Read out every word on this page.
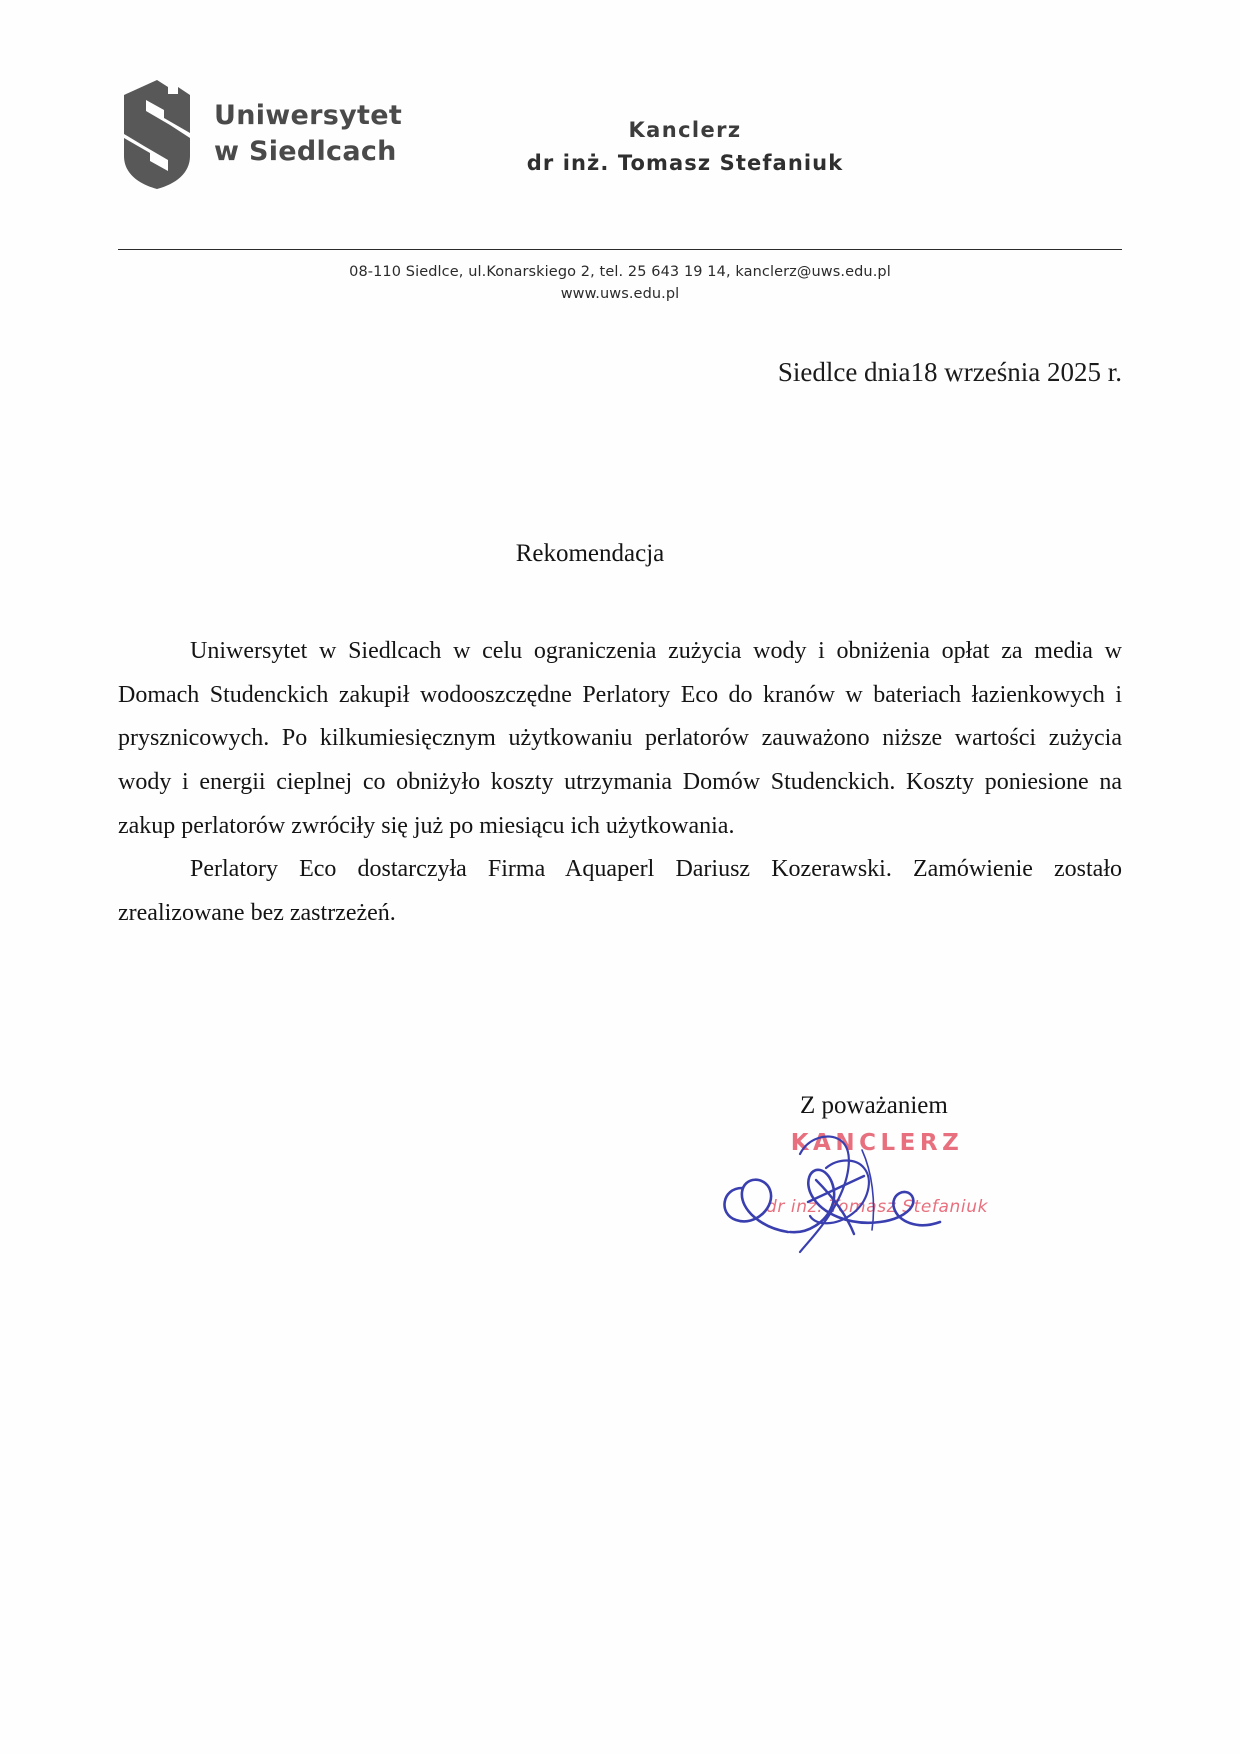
Uniwersytet
w Siedlcach
Kanclerz
dr inż. Tomasz Stefaniuk
08-110 Siedlce, ul.Konarskiego 2, tel. 25 643 19 14, kanclerz@uws.edu.pl
www.uws.edu.pl
Siedlce dnia18 września 2025 r.
Rekomendacja

Uniwersytet w Siedlcach w celu ograniczenia zużycia wody i obniżenia opłat za media w Domach Studenckich zakupił wodooszczędne Perlatory Eco do kranów w bateriach łazienkowych i prysznicowych. Po kilkumiesięcznym użytkowaniu perlatorów zauważono niższe wartości zużycia wody i energii cieplnej co obniżyło koszty utrzymania Domów Studenckich. Koszty poniesione na zakup perlatorów zwróciły się już po miesiącu ich użytkowania.

Perlatory Eco dostarczyła Firma Aquaperl Dariusz Kozerawski. Zamówienie zostało zrealizowane bez zastrzeżeń.

Z poważaniem
KANCLERZ
dr inż. Tomasz Stefaniuk
